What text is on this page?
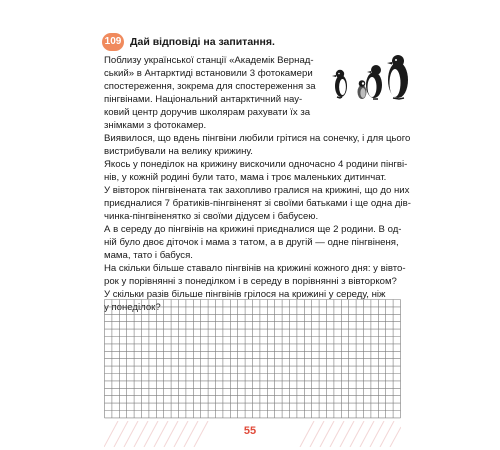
109 Дай відповіді на запитання.
Поблизу української станції «Академік Вернад-
ський» в Антарктиді встановили 3 фотокамери
спостереження, зокрема для спостереження за
пінгвінами. Національний антарктичний нау-
ковий центр доручив школярам рахувати їх за
знімками з фотокамер.
Виявилося, що вдень пінгвіни любили грітися на сонечку, і для цього
вистрибували на велику крижину.
Якось у понеділок на крижину вискочили одночасно 4 родини пінгві-
нів, у кожній родині були тато, мама і троє маленьких дитинчат.
У вівторок пінгвінената так захопливо гралися на крижині, що до них
приєдналися 7 братиків-пінгвіненят зі своїми батьками і ще одна дів-
чинка-пінгвіненятко зі своїми дідусем і бабусею.
А в середу до пінгвінів на крижині приєдналися ще 2 родини. В од-
ній було двоє діточок і мама з татом, а в другій — одне пінгвіненя,
мама, тато і бабуся.
На скільки більше ставало пінгвінів на крижині кожного дня: у вівто-
рок у порівнянні з понеділком і в середу в порівнянні з вівторком?
У скільки разів більше пінгвінів грілося на крижині у середу, ніж
у понеділок?
55
